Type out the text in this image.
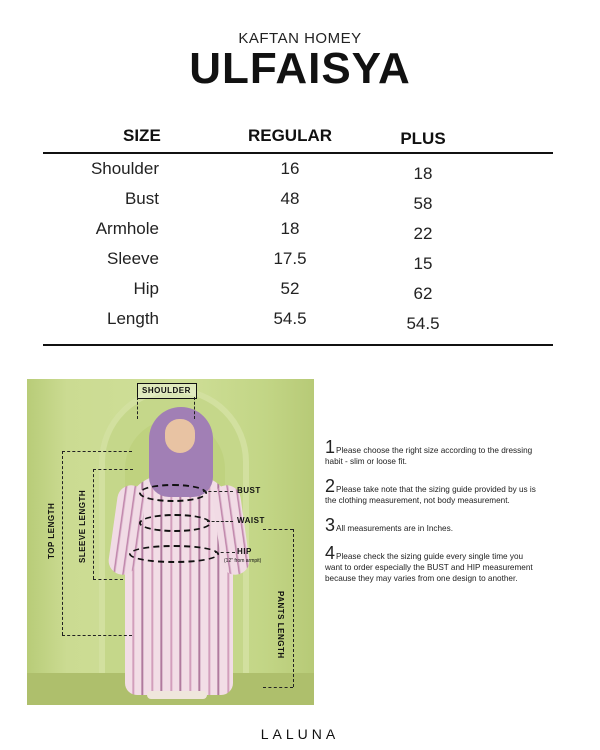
KAFTAN HOMEY
ULFAISYA
SIZE	REGULAR	PLUS
Shoulder	16	18
Bust	48	58
Armhole	18	22
Sleeve	17.5	15
Hip	52	62
Length	54.5	54.5
SHOULDER
BUST
WAIST
HIP
(12" from armpit)
TOP LENGTH	SLEEVE LENGTH
PANTS LENGTH
1Please choose the right size according to the dressing habit - slim or loose fit.
2Please take note that the sizing guide provided by us is the clothing measurement, not body measurement.
3All measurements are in Inches.
4Please check the sizing guide every single time you want to order especially the BUST and HIP measurement because they may varies from one design to another.
LALUNA
